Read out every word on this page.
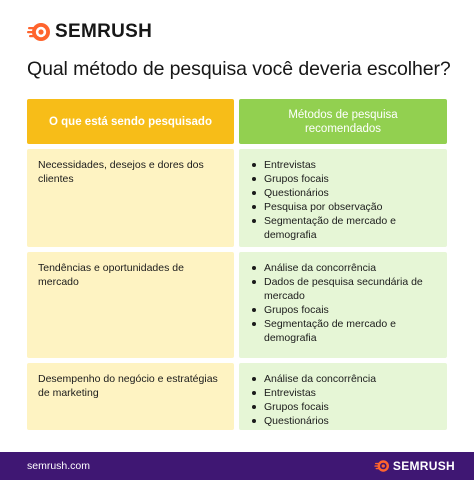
SEMRUSH
Qual método de pesquisa você deveria escolher?
O que está sendo pesquisado
Métodos de pesquisa recomendados
Necessidades, desejos e dores dos clientes
Entrevistas
Grupos focais
Questionários
Pesquisa por observação
Segmentação de mercado e demografia
Tendências e oportunidades de mercado
Análise da concorrência
Dados de pesquisa secundária de mercado
Grupos focais
Segmentação de mercado e demografia
Desempenho do negócio e estratégias de marketing
Análise da concorrência
Entrevistas
Grupos focais
Questionários
semrush.com	SEMRUSH
